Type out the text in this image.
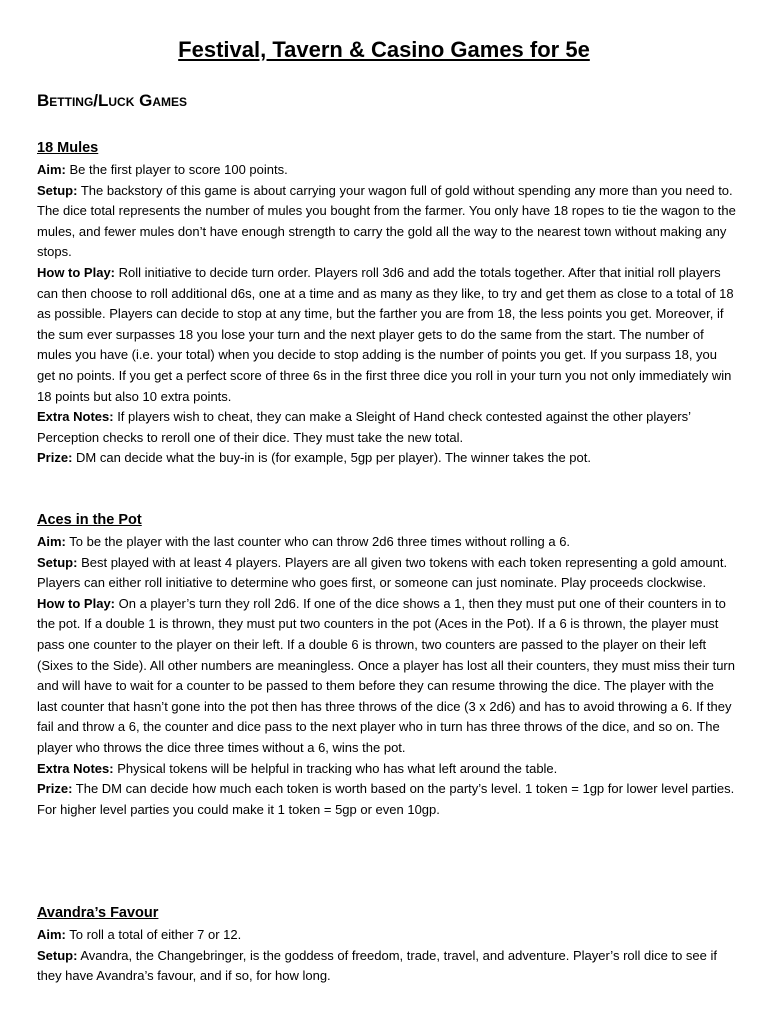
Festival, Tavern & Casino Games for 5e
Betting/Luck Games
18 Mules

Aim: Be the first player to score 100 points.

Setup: The backstory of this game is about carrying your wagon full of gold without spending any more than you need to. The dice total represents the number of mules you bought from the farmer. You only have 18 ropes to tie the wagon to the mules, and fewer mules don’t have enough strength to carry the gold all the way to the nearest town without making any stops.

How to Play: Roll initiative to decide turn order. Players roll 3d6 and add the totals together. After that initial roll players can then choose to roll additional d6s, one at a time and as many as they like, to try and get them as close to a total of 18 as possible. Players can decide to stop at any time, but the farther you are from 18, the less points you get. Moreover, if the sum ever surpasses 18 you lose your turn and the next player gets to do the same from the start. The number of mules you have (i.e. your total) when you decide to stop adding is the number of points you get. If you surpass 18, you get no points. If you get a perfect score of three 6s in the first three dice you roll in your turn you not only immediately win 18 points but also 10 extra points.

Extra Notes: If players wish to cheat, they can make a Sleight of Hand check contested against the other players’ Perception checks to reroll one of their dice. They must take the new total.

Prize: DM can decide what the buy-in is (for example, 5gp per player). The winner takes the pot.

Aces in the Pot

Aim: To be the player with the last counter who can throw 2d6 three times without rolling a 6.

Setup: Best played with at least 4 players. Players are all given two tokens with each token representing a gold amount. Players can either roll initiative to determine who goes first, or someone can just nominate. Play proceeds clockwise.

How to Play: On a player’s turn they roll 2d6. If one of the dice shows a 1, then they must put one of their counters in to the pot. If a double 1 is thrown, they must put two counters in the pot (Aces in the Pot). If a 6 is thrown, the player must pass one counter to the player on their left. If a double 6 is thrown, two counters are passed to the player on their left (Sixes to the Side). All other numbers are meaningless. Once a player has lost all their counters, they must miss their turn and will have to wait for a counter to be passed to them before they can resume throwing the dice. The player with the last counter that hasn’t gone into the pot then has three throws of the dice (3 x 2d6) and has to avoid throwing a 6. If they fail and throw a 6, the counter and dice pass to the next player who in turn has three throws of the dice, and so on. The player who throws the dice three times without a 6, wins the pot.

Extra Notes: Physical tokens will be helpful in tracking who has what left around the table.

Prize: The DM can decide how much each token is worth based on the party’s level. 1 token = 1gp for lower level parties. For higher level parties you could make it 1 token = 5gp or even 10gp.

Avandra’s Favour

Aim: To roll a total of either 7 or 12.

Setup: Avandra, the Changebringer, is the goddess of freedom, trade, travel, and adventure. Player’s roll dice to see if they have Avandra’s favour, and if so, for how long.
